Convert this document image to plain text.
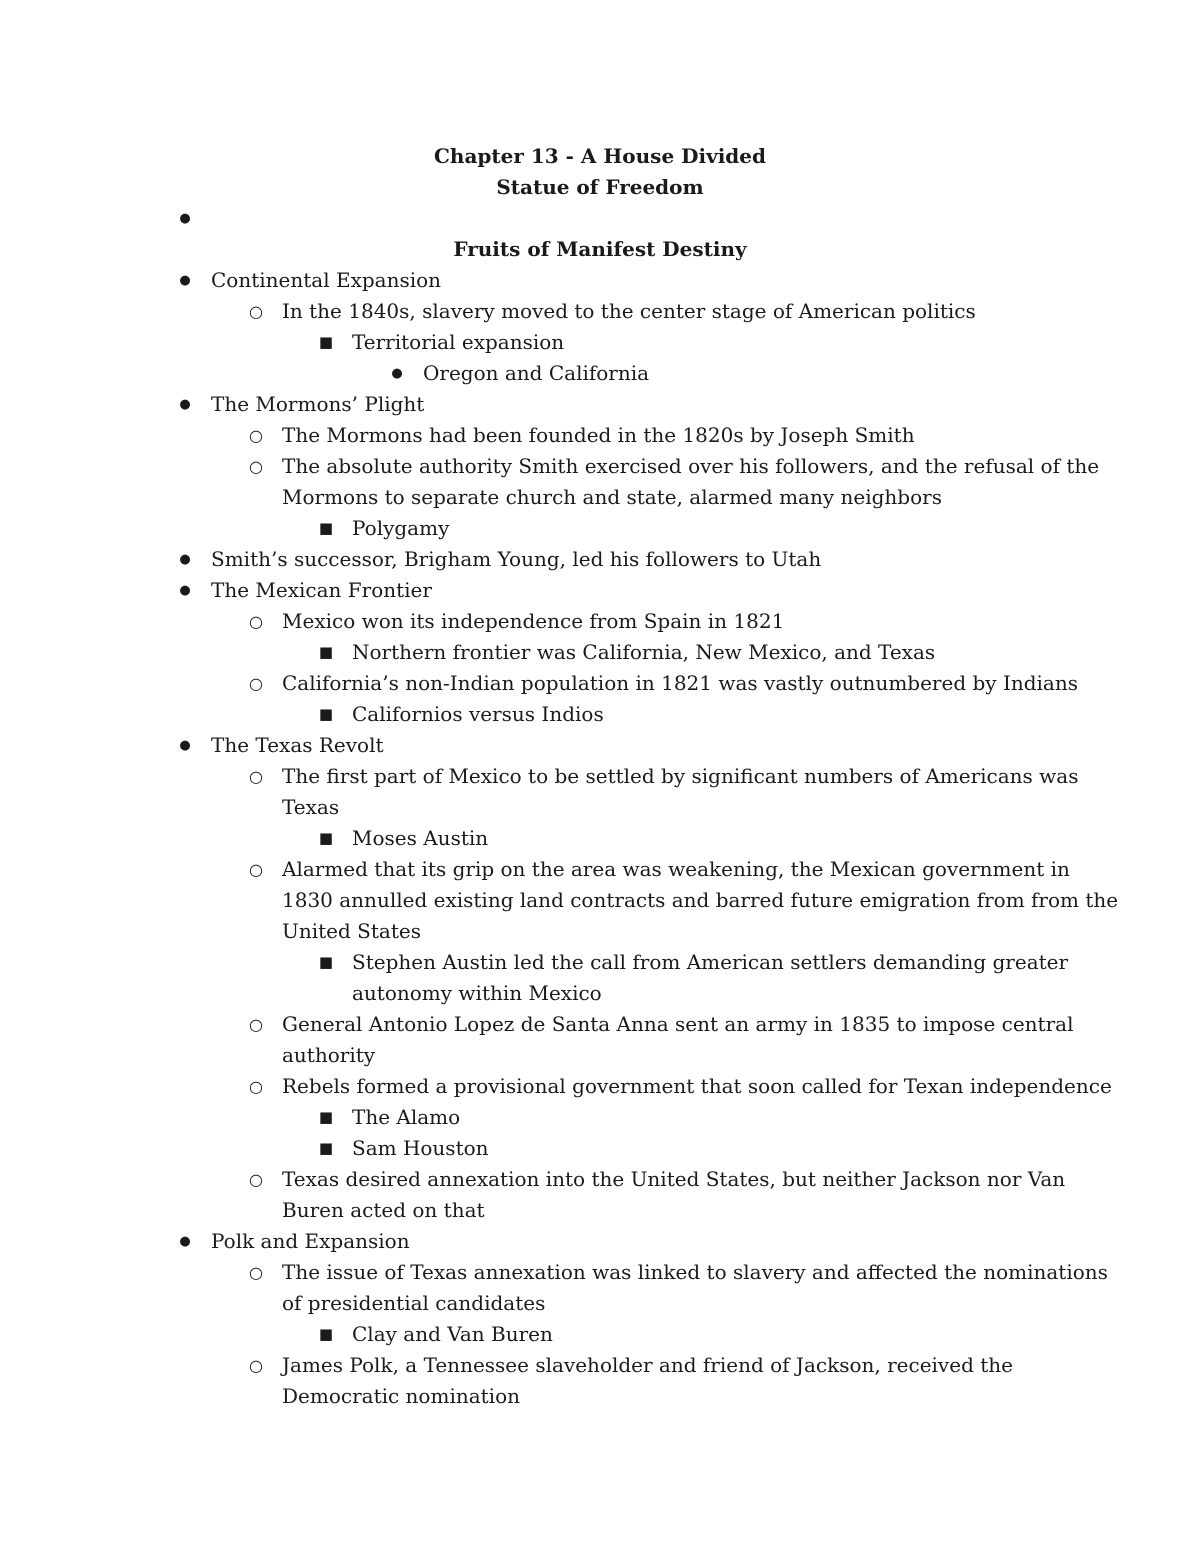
Chapter 13 - A House Divided
Statue of Freedom
●
Fruits of Manifest Destiny
● Continental Expansion
○ In the 1840s, slavery moved to the center stage of American politics
■ Territorial expansion
● Oregon and California
● The Mormons’ Plight
○ The Mormons had been founded in the 1820s by Joseph Smith
○ The absolute authority Smith exercised over his followers, and the refusal of the
Mormons to separate church and state, alarmed many neighbors
■ Polygamy
● Smith’s successor, Brigham Young, led his followers to Utah
● The Mexican Frontier
○ Mexico won its independence from Spain in 1821
■ Northern frontier was California, New Mexico, and Texas
○ California’s non-Indian population in 1821 was vastly outnumbered by Indians
■ Californios versus Indios
● The Texas Revolt
○ The first part of Mexico to be settled by significant numbers of Americans was
Texas
■ Moses Austin
○ Alarmed that its grip on the area was weakening, the Mexican government in
1830 annulled existing land contracts and barred future emigration from from the
United States
■ Stephen Austin led the call from American settlers demanding greater
autonomy within Mexico
○ General Antonio Lopez de Santa Anna sent an army in 1835 to impose central
authority
○ Rebels formed a provisional government that soon called for Texan independence
■ The Alamo
■ Sam Houston
○ Texas desired annexation into the United States, but neither Jackson nor Van
Buren acted on that
● Polk and Expansion
○ The issue of Texas annexation was linked to slavery and affected the nominations
of presidential candidates
■ Clay and Van Buren
○ James Polk, a Tennessee slaveholder and friend of Jackson, received the
Democratic nomination
